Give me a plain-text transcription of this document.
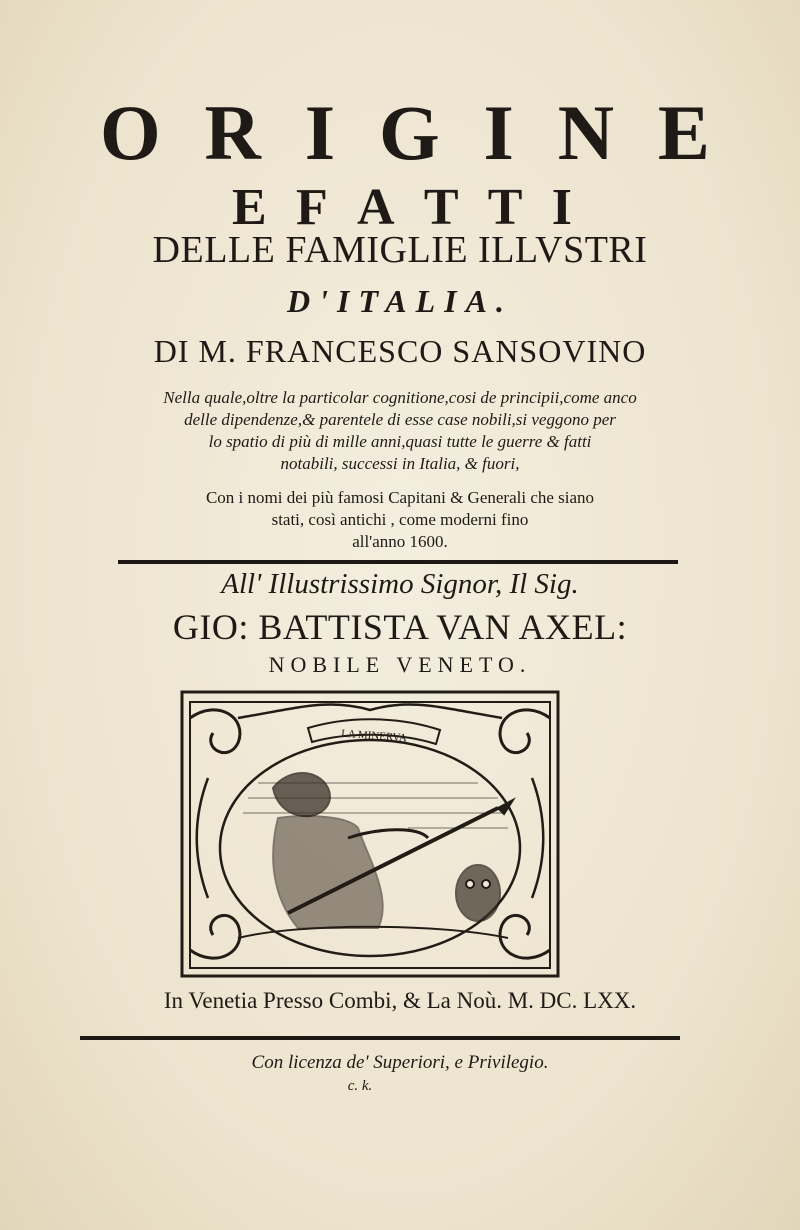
O R I G I N E
E F A T T I
DELLE FAMIGLIE ILLVSTRI
D'ITALIA.
DI M. FRANCESCO SANSOVINO
Nella quale,oltre la particolar cognitione,cosi de principii,come anco
delle dipendenze,& parentele di esse case nobili,si veggono per
lo spatio di più di mille anni,quasi tutte le guerre & fatti
notabili, successi in Italia, & fuori,
Con i nomi dei più famosi Capitani & Generali che siano
stati, così antichi , come moderni fino
all'anno 1600.
All' Illustrissimo Signor, Il Sig.
GIO: BATTISTA VAN AXEL:
NOBILE VENETO.
LA MINERVA
In Venetia Presso Combi, & La Noù. M. DC. LXX.
Con licenza de' Superiori, e Privilegio.
c. k.
